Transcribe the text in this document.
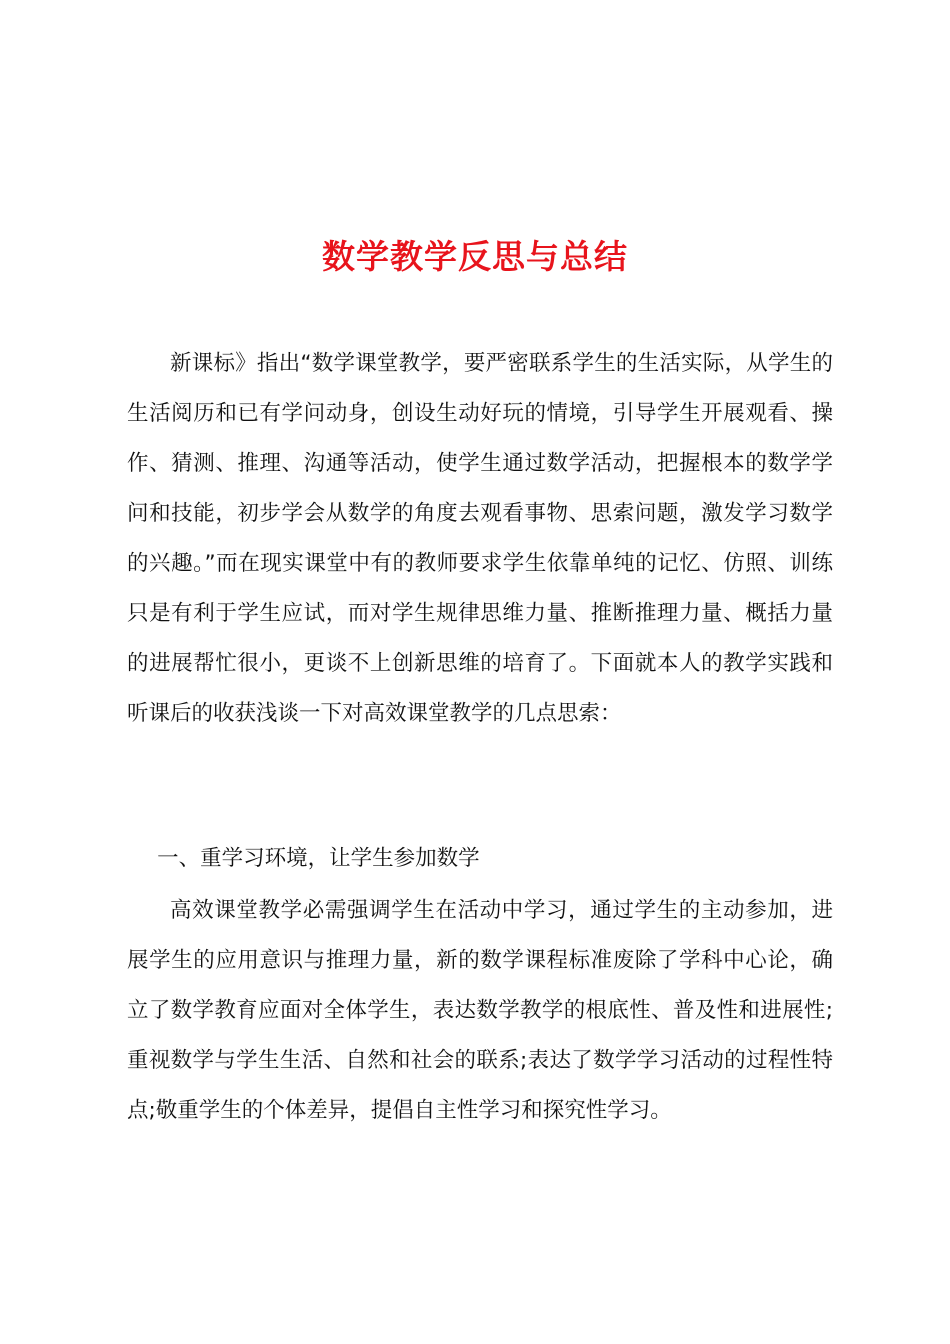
数学教学反思与总结

新课标》指出“数学课堂教学，要严密联系学生的生活实际，从学生的生活阅历和已有学问动身，创设生动好玩的情境，引导学生开展观看、操作、猜测、推理、沟通等活动，使学生通过数学活动，把握根本的数学学问和技能，初步学会从数学的角度去观看事物、思索问题，激发学习数学的兴趣。”而在现实课堂中有的教师要求学生依靠单纯的记忆、仿照、训练只是有利于学生应试，而对学生规律思维力量、推断推理力量、概括力量的进展帮忙很小，更谈不上创新思维的培育了。下面就本人的教学实践和听课后的收获浅谈一下对高效课堂教学的几点思索：

一、重学习环境，让学生参加数学

高效课堂教学必需强调学生在活动中学习，通过学生的主动参加，进展学生的应用意识与推理力量，新的数学课程标准废除了学科中心论，确立了数学教育应面对全体学生，表达数学教学的根底性、普及性和进展性;重视数学与学生生活、自然和社会的联系;表达了数学学习活动的过程性特点;敬重学生的个体差异，提倡自主性学习和探究性学习。
